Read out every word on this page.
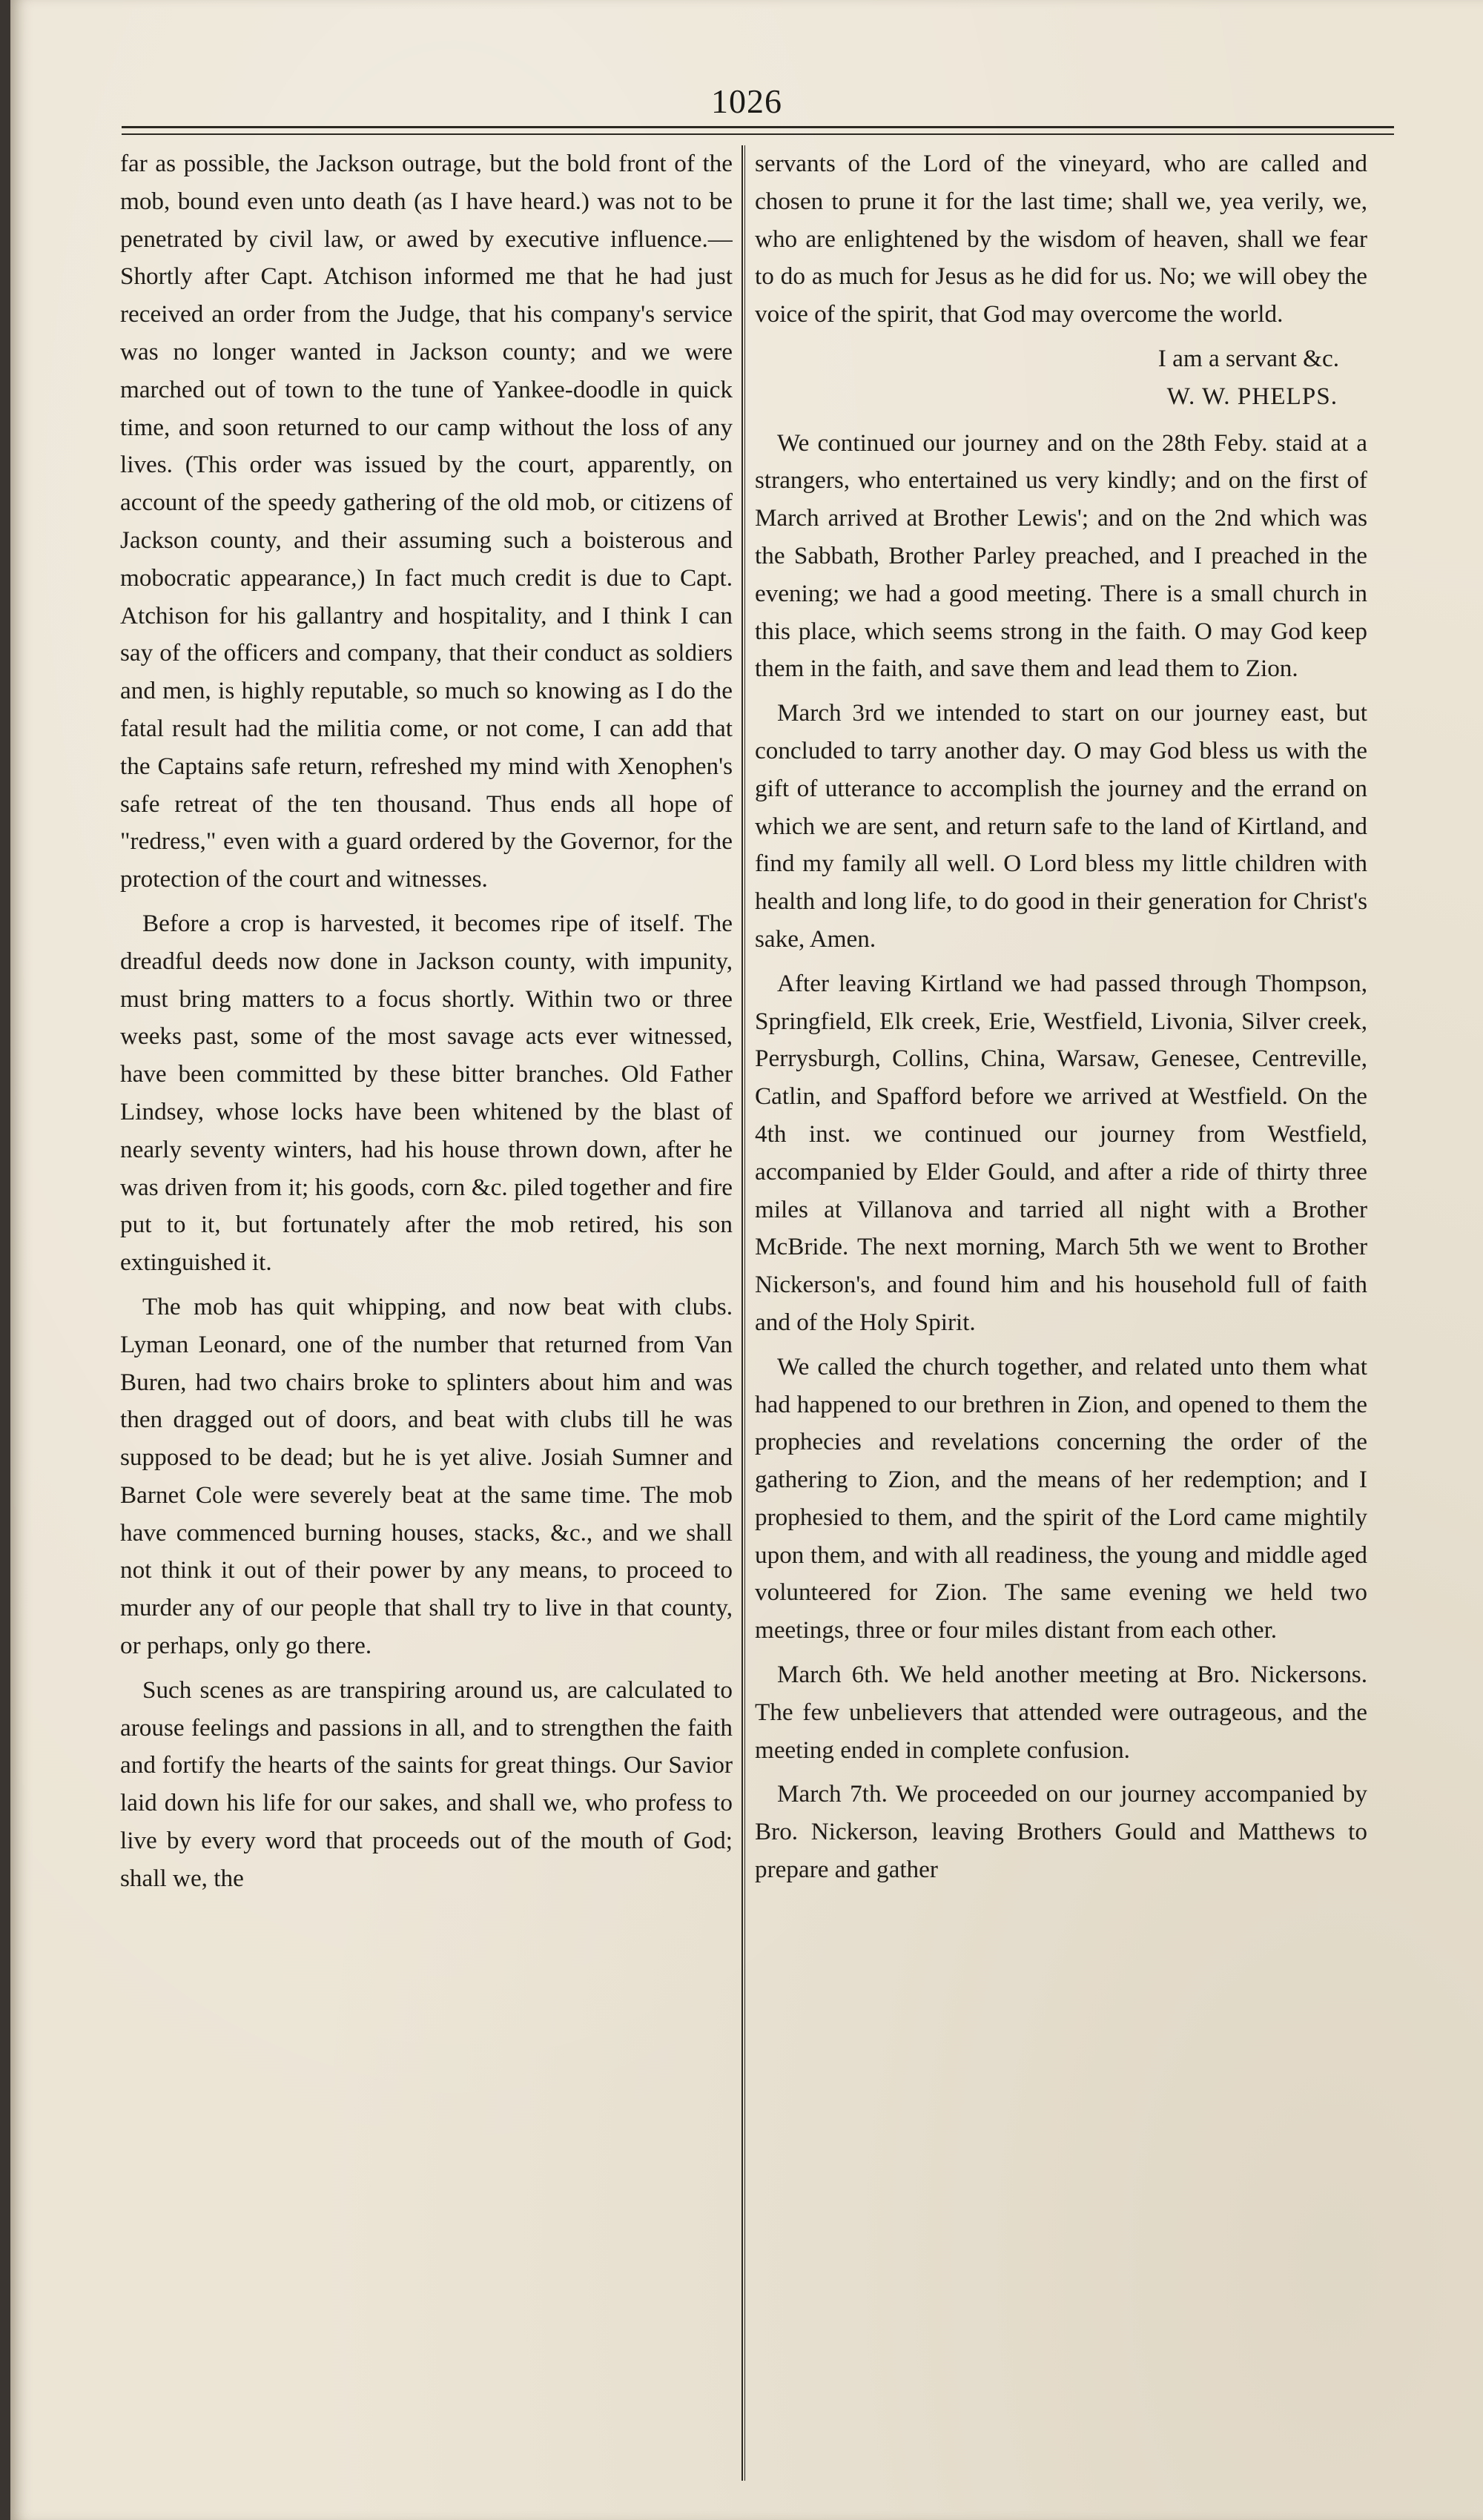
1026

far as possible, the Jackson outrage, but the bold front of the mob, bound even unto death (as I have heard.) was not to be penetrated by civil law, or awed by executive influence.— Shortly after Capt. Atchison informed me that he had just received an order from the Judge, that his company's service was no longer wanted in Jackson county; and we were marched out of town to the tune of Yankee-doodle in quick time, and soon returned to our camp without the loss of any lives. (This order was issued by the court, apparently, on account of the speedy gathering of the old mob, or citizens of Jackson county, and their assuming such a boisterous and mobocratic appearance,) In fact much credit is due to Capt. Atchison for his gallantry and hospitality, and I think I can say of the officers and company, that their conduct as soldiers and men, is highly reputable, so much so knowing as I do the fatal result had the militia come, or not come, I can add that the Captains safe return, refreshed my mind with Xenophen's safe retreat of the ten thousand. Thus ends all hope of "redress," even with a guard ordered by the Governor, for the protection of the court and witnesses.

Before a crop is harvested, it becomes ripe of itself. The dreadful deeds now done in Jackson county, with impunity, must bring matters to a focus shortly. Within two or three weeks past, some of the most savage acts ever witnessed, have been committed by these bitter branches. Old Father Lindsey, whose locks have been whitened by the blast of nearly seventy winters, had his house thrown down, after he was driven from it; his goods, corn &c. piled together and fire put to it, but fortunately after the mob retired, his son extinguished it.

The mob has quit whipping, and now beat with clubs. Lyman Leonard, one of the number that returned from Van Buren, had two chairs broke to splinters about him and was then dragged out of doors, and beat with clubs till he was supposed to be dead; but he is yet alive. Josiah Sumner and Barnet Cole were severely beat at the same time. The mob have commenced burning houses, stacks, &c., and we shall not think it out of their power by any means, to proceed to murder any of our people that shall try to live in that county, or perhaps, only go there.

Such scenes as are transpiring around us, are calculated to arouse feelings and passions in all, and to strengthen the faith and fortify the hearts of the saints for great things. Our Savior laid down his life for our sakes, and shall we, who profess to live by every word that proceeds out of the mouth of God; shall we, the

servants of the Lord of the vineyard, who are called and chosen to prune it for the last time; shall we, yea verily, we, who are enlightened by the wisdom of heaven, shall we fear to do as much for Jesus as he did for us. No; we will obey the voice of the spirit, that God may overcome the world.

I am a servant &c.

W. W. PHELPS.

We continued our journey and on the 28th Feby. staid at a strangers, who entertained us very kindly; and on the first of March arrived at Brother Lewis'; and on the 2nd which was the Sabbath, Brother Parley preached, and I preached in the evening; we had a good meeting. There is a small church in this place, which seems strong in the faith. O may God keep them in the faith, and save them and lead them to Zion.

March 3rd we intended to start on our journey east, but concluded to tarry another day. O may God bless us with the gift of utterance to accomplish the journey and the errand on which we are sent, and return safe to the land of Kirtland, and find my family all well. O Lord bless my little children with health and long life, to do good in their generation for Christ's sake, Amen.

After leaving Kirtland we had passed through Thompson, Springfield, Elk creek, Erie, Westfield, Livonia, Silver creek, Perrysburgh, Collins, China, Warsaw, Genesee, Centreville, Catlin, and Spafford before we arrived at Westfield. On the 4th inst. we continued our journey from Westfield, accompanied by Elder Gould, and after a ride of thirty three miles at Villanova and tarried all night with a Brother McBride. The next morning, March 5th we went to Brother Nickerson's, and found him and his household full of faith and of the Holy Spirit.

We called the church together, and related unto them what had happened to our brethren in Zion, and opened to them the prophecies and revelations concerning the order of the gathering to Zion, and the means of her redemption; and I prophesied to them, and the spirit of the Lord came mightily upon them, and with all readiness, the young and middle aged volunteered for Zion. The same evening we held two meetings, three or four miles distant from each other.

March 6th. We held another meeting at Bro. Nickersons. The few unbelievers that attended were outrageous, and the meeting ended in complete confusion.

March 7th. We proceeded on our journey accompanied by Bro. Nickerson, leaving Brothers Gould and Matthews to prepare and gather
